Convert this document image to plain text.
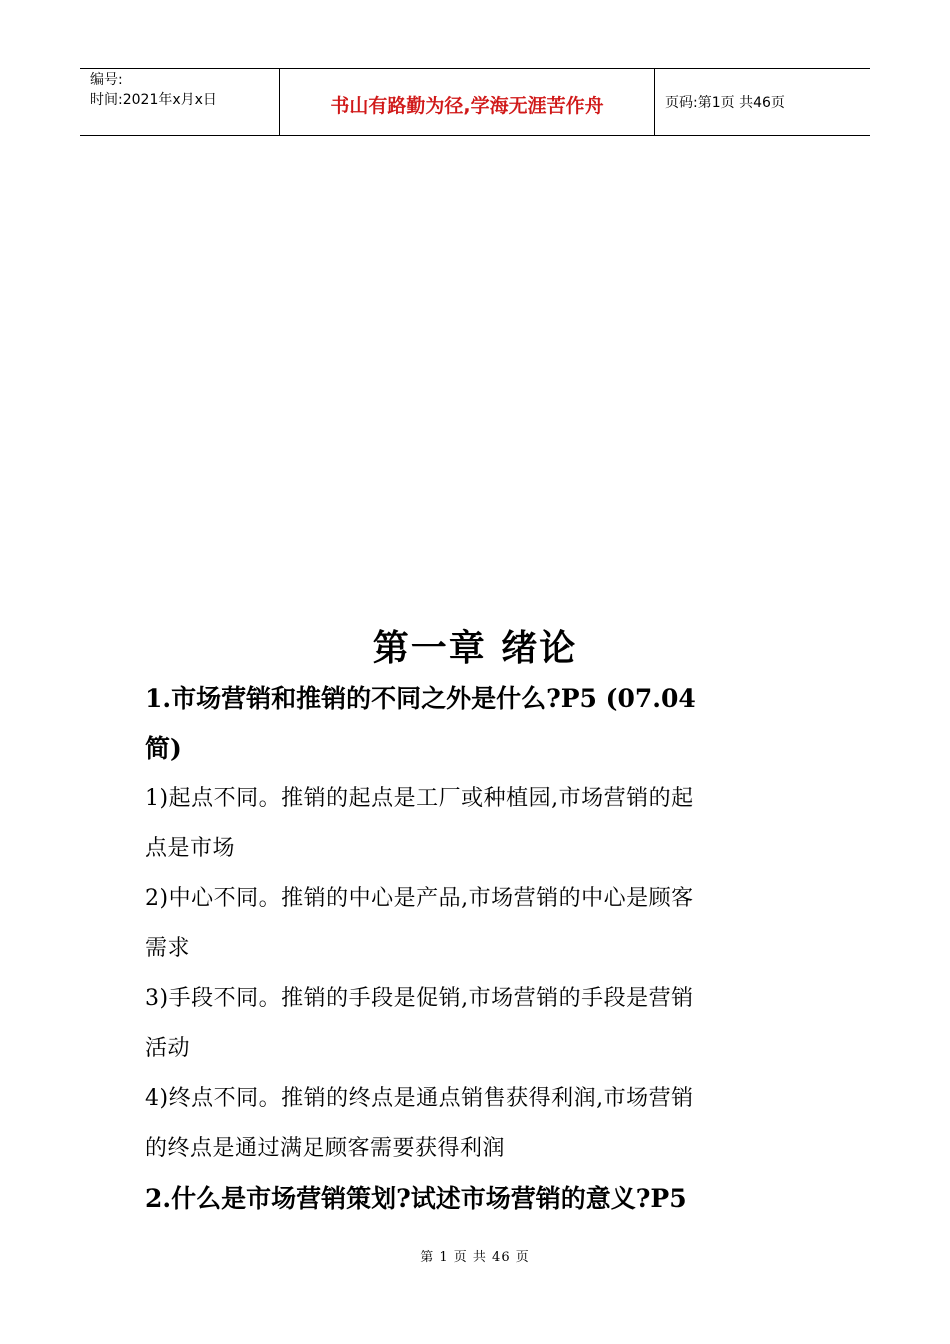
编号:
时间:2021年x月x日	书山有路勤为径,学海无涯苦作舟	页码:第1页 共46页
第一章 绪论

1.市场营销和推销的不同之外是什么?P5 (07.04

简)

1)起点不同。推销的起点是工厂或种植园,市场营销的起

点是市场

2)中心不同。推销的中心是产品,市场营销的中心是顾客

需求

3)手段不同。推销的手段是促销,市场营销的手段是营销

活动

4)终点不同。推销的终点是通点销售获得利润,市场营销

的终点是通过满足顾客需要获得利润

2.什么是市场营销策划?试述市场营销的意义?P5

第 1 页 共 46 页
